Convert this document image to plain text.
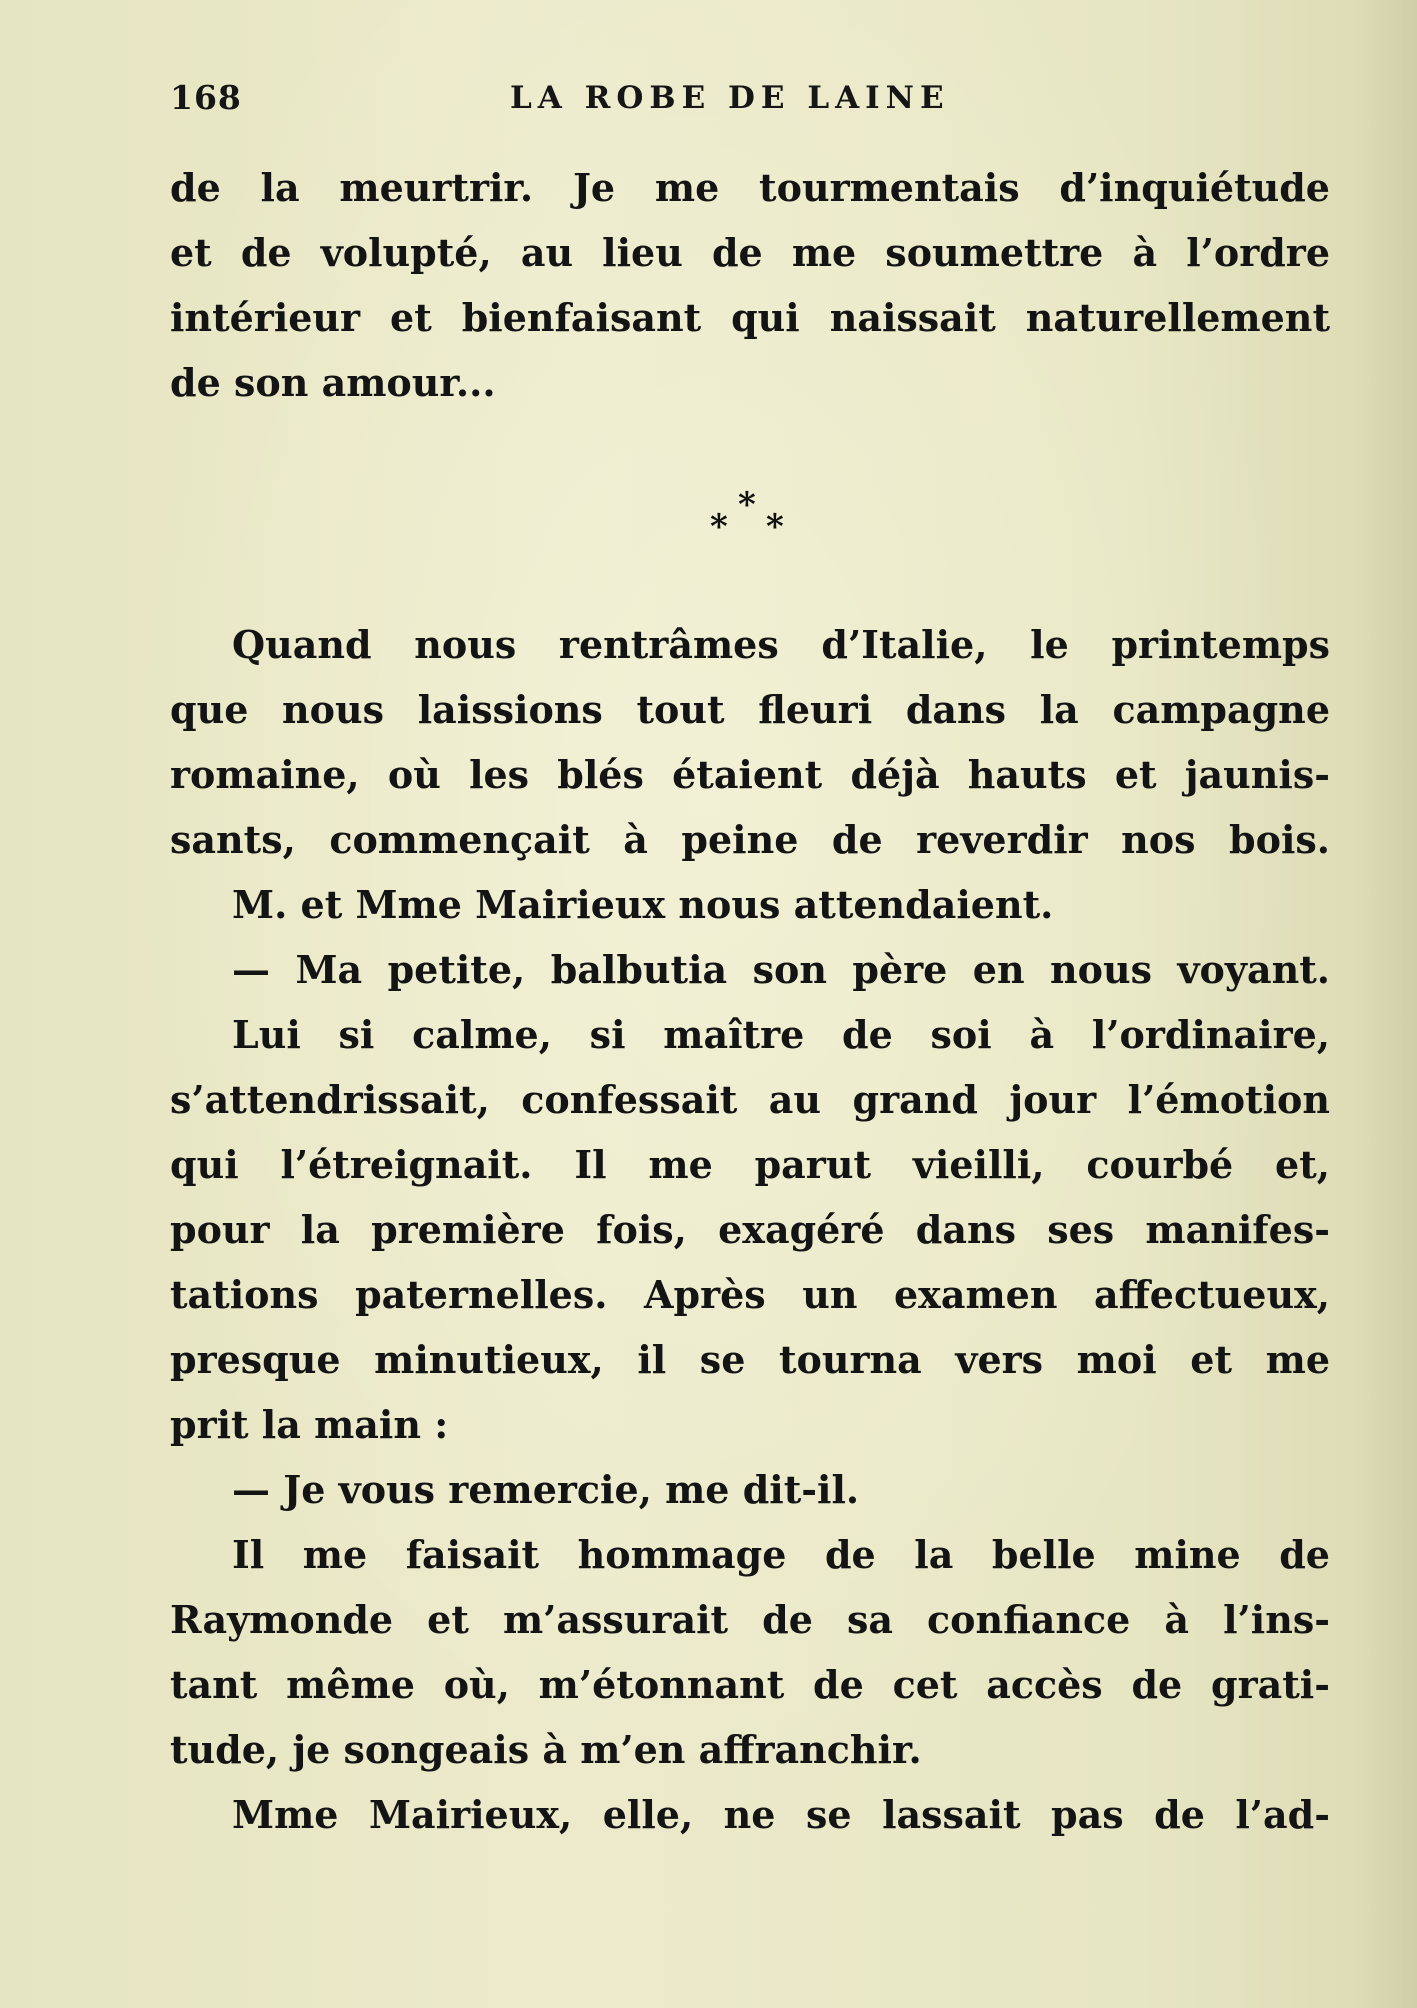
168	LA ROBE DE LAINE
de la meurtrir. Je me tourmentais d’inquiétude
et de volupté, au lieu de me soumettre à l’ordre
intérieur et bienfaisant qui naissait naturellement
de son amour...
*
* *
Quand nous rentrâmes d’Italie, le printemps
que nous laissions tout fleuri dans la campagne
romaine, où les blés étaient déjà hauts et jaunis-
sants, commençait à peine de reverdir nos bois.
M. et Mme Mairieux nous attendaient.
— Ma petite, balbutia son père en nous voyant.
Lui si calme, si maître de soi à l’ordinaire,
s’attendrissait, confessait au grand jour l’émotion
qui l’étreignait. Il me parut vieilli, courbé et,
pour la première fois, exagéré dans ses manifes-
tations paternelles. Après un examen affectueux,
presque minutieux, il se tourna vers moi et me
prit la main :
— Je vous remercie, me dit-il.
Il me faisait hommage de la belle mine de
Raymonde et m’assurait de sa confiance à l’ins-
tant même où, m’étonnant de cet accès de grati-
tude, je songeais à m’en affranchir.
Mme Mairieux, elle, ne se lassait pas de l’ad-
